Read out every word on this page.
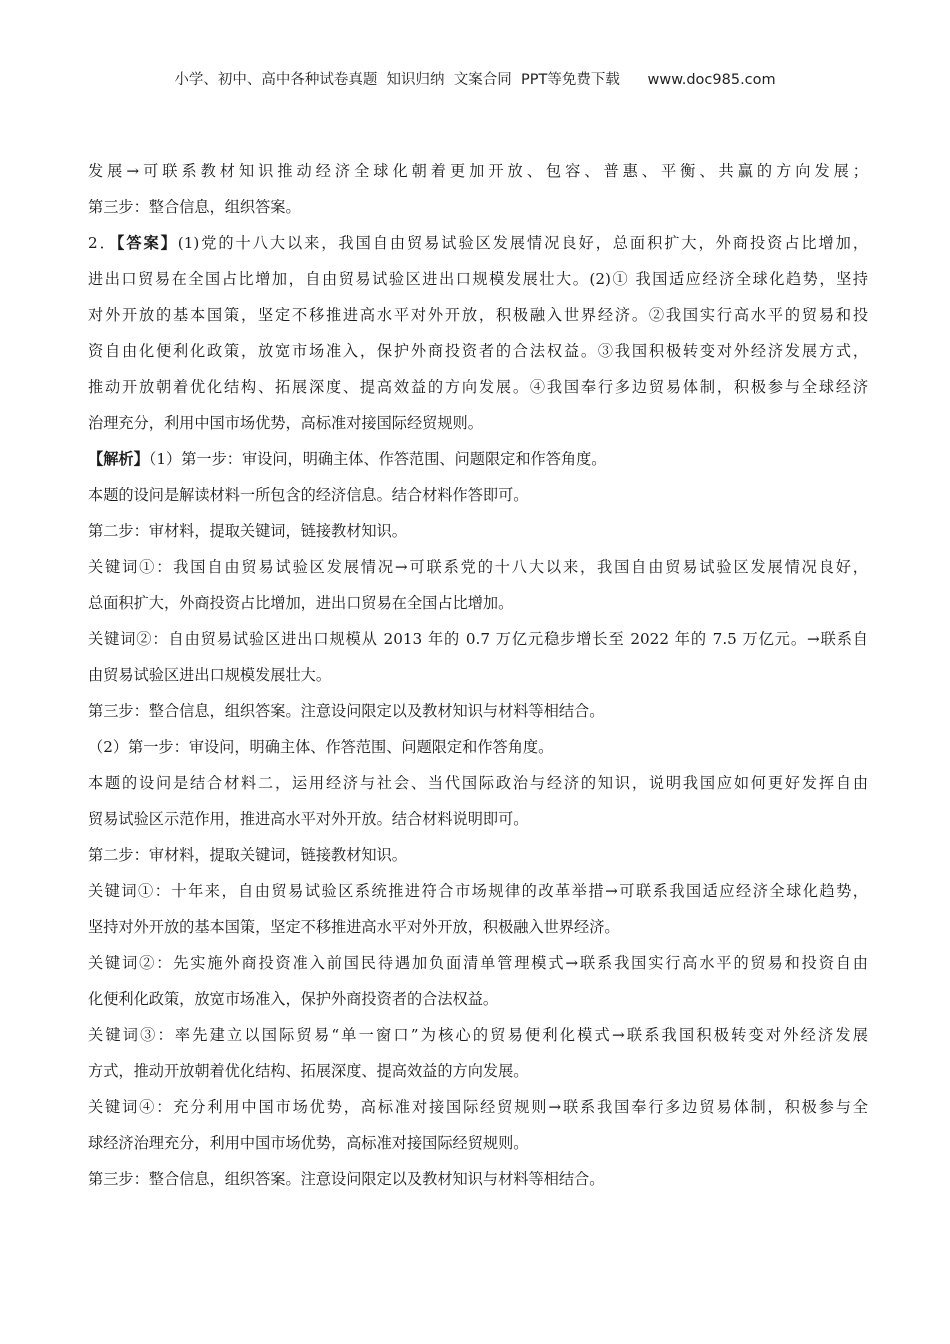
小学、初中、高中各种试卷真题  知识归纳  文案合同  PPT等免费下载      www.doc985.com
发展→可联系教材知识推动经济全球化朝着更加开放、包容、普惠、平衡、共赢的方向发展；
第三步：整合信息，组织答案。
2．【答案】(1)党的十八大以来，我国自由贸易试验区发展情况良好，总面积扩大，外商投资占比增加，
进出口贸易在全国占比增加，自由贸易试验区进出口规模发展壮大。(2)① 我国适应经济全球化趋势，坚持
对外开放的基本国策，坚定不移推进高水平对外开放，积极融入世界经济。②我国实行高水平的贸易和投
资自由化便利化政策，放宽市场准入，保护外商投资者的合法权益。③我国积极转变对外经济发展方式，
推动开放朝着优化结构、拓展深度、提高效益的方向发展。④我国奉行多边贸易体制，积极参与全球经济
治理充分，利用中国市场优势，高标准对接国际经贸规则。
【解析】（1）第一步：审设问，明确主体、作答范围、问题限定和作答角度。
本题的设问是解读材料一所包含的经济信息。结合材料作答即可。
第二步：审材料，提取关键词，链接教材知识。
关键词①：我国自由贸易试验区发展情况→可联系党的十八大以来，我国自由贸易试验区发展情况良好，
总面积扩大，外商投资占比增加，进出口贸易在全国占比增加。
关键词②：自由贸易试验区进出口规模从 2013 年的 0.7 万亿元稳步增长至 2022 年的 7.5 万亿元。→联系自
由贸易试验区进出口规模发展壮大。
第三步：整合信息，组织答案。注意设问限定以及教材知识与材料等相结合。
（2）第一步：审设问，明确主体、作答范围、问题限定和作答角度。
本题的设问是结合材料二，运用经济与社会、当代国际政治与经济的知识，说明我国应如何更好发挥自由
贸易试验区示范作用，推进高水平对外开放。结合材料说明即可。
第二步：审材料，提取关键词，链接教材知识。
关键词①：十年来，自由贸易试验区系统推进符合市场规律的改革举措→可联系我国适应经济全球化趋势，
坚持对外开放的基本国策，坚定不移推进高水平对外开放，积极融入世界经济。
关键词②：先实施外商投资准入前国民待遇加负面清单管理模式→联系我国实行高水平的贸易和投资自由
化便利化政策，放宽市场准入，保护外商投资者的合法权益。
关键词③：率先建立以国际贸易“单一窗口”为核心的贸易便利化模式→联系我国积极转变对外经济发展
方式，推动开放朝着优化结构、拓展深度、提高效益的方向发展。
关键词④：充分利用中国市场优势，高标准对接国际经贸规则→联系我国奉行多边贸易体制，积极参与全
球经济治理充分，利用中国市场优势，高标准对接国际经贸规则。
第三步：整合信息，组织答案。注意设问限定以及教材知识与材料等相结合。
